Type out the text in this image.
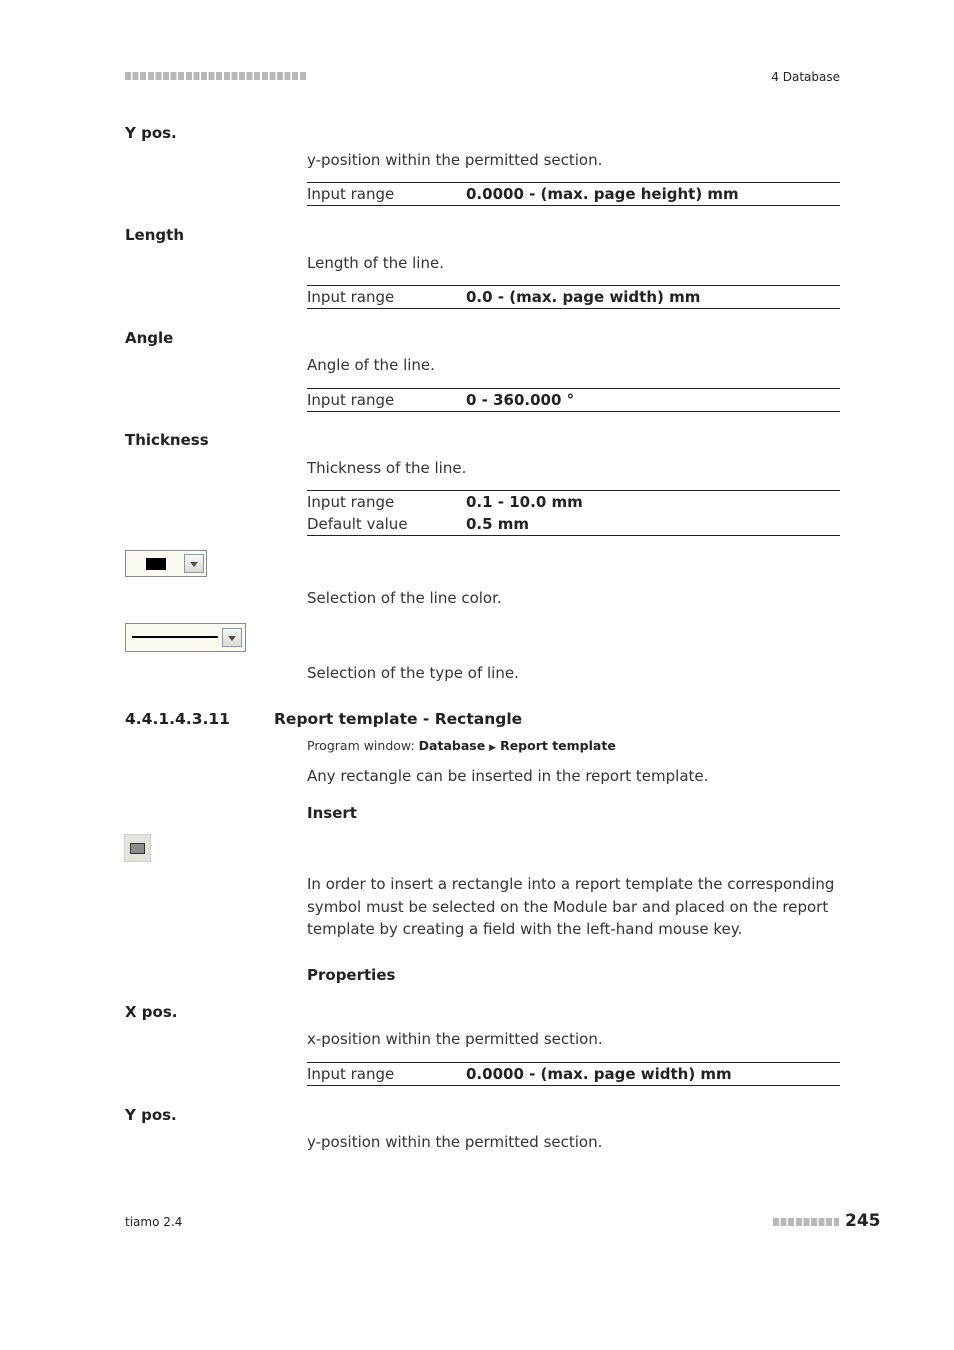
4 Database
Y pos.
y-position within the permitted section.
Input range	0.0000 - (max. page height) mm
Length
Length of the line.
Input range	0.0 - (max. page width) mm
Angle
Angle of the line.
Input range	0 - 360.000 °
Thickness
Thickness of the line.
Input range	0.1 - 10.0 mm
Default value	0.5 mm
Selection of the line color.
Selection of the type of line.
4.4.1.4.3.11	Report template - Rectangle
Program window: Database ▶ Report template
Any rectangle can be inserted in the report template.
Insert
In order to insert a rectangle into a report template the corresponding symbol must be selected on the Module bar and placed on the report template by creating a field with the left-hand mouse key.
Properties
X pos.
x-position within the permitted section.
Input range	0.0000 - (max. page width) mm
Y pos.
y-position within the permitted section.
tiamo 2.4	245
